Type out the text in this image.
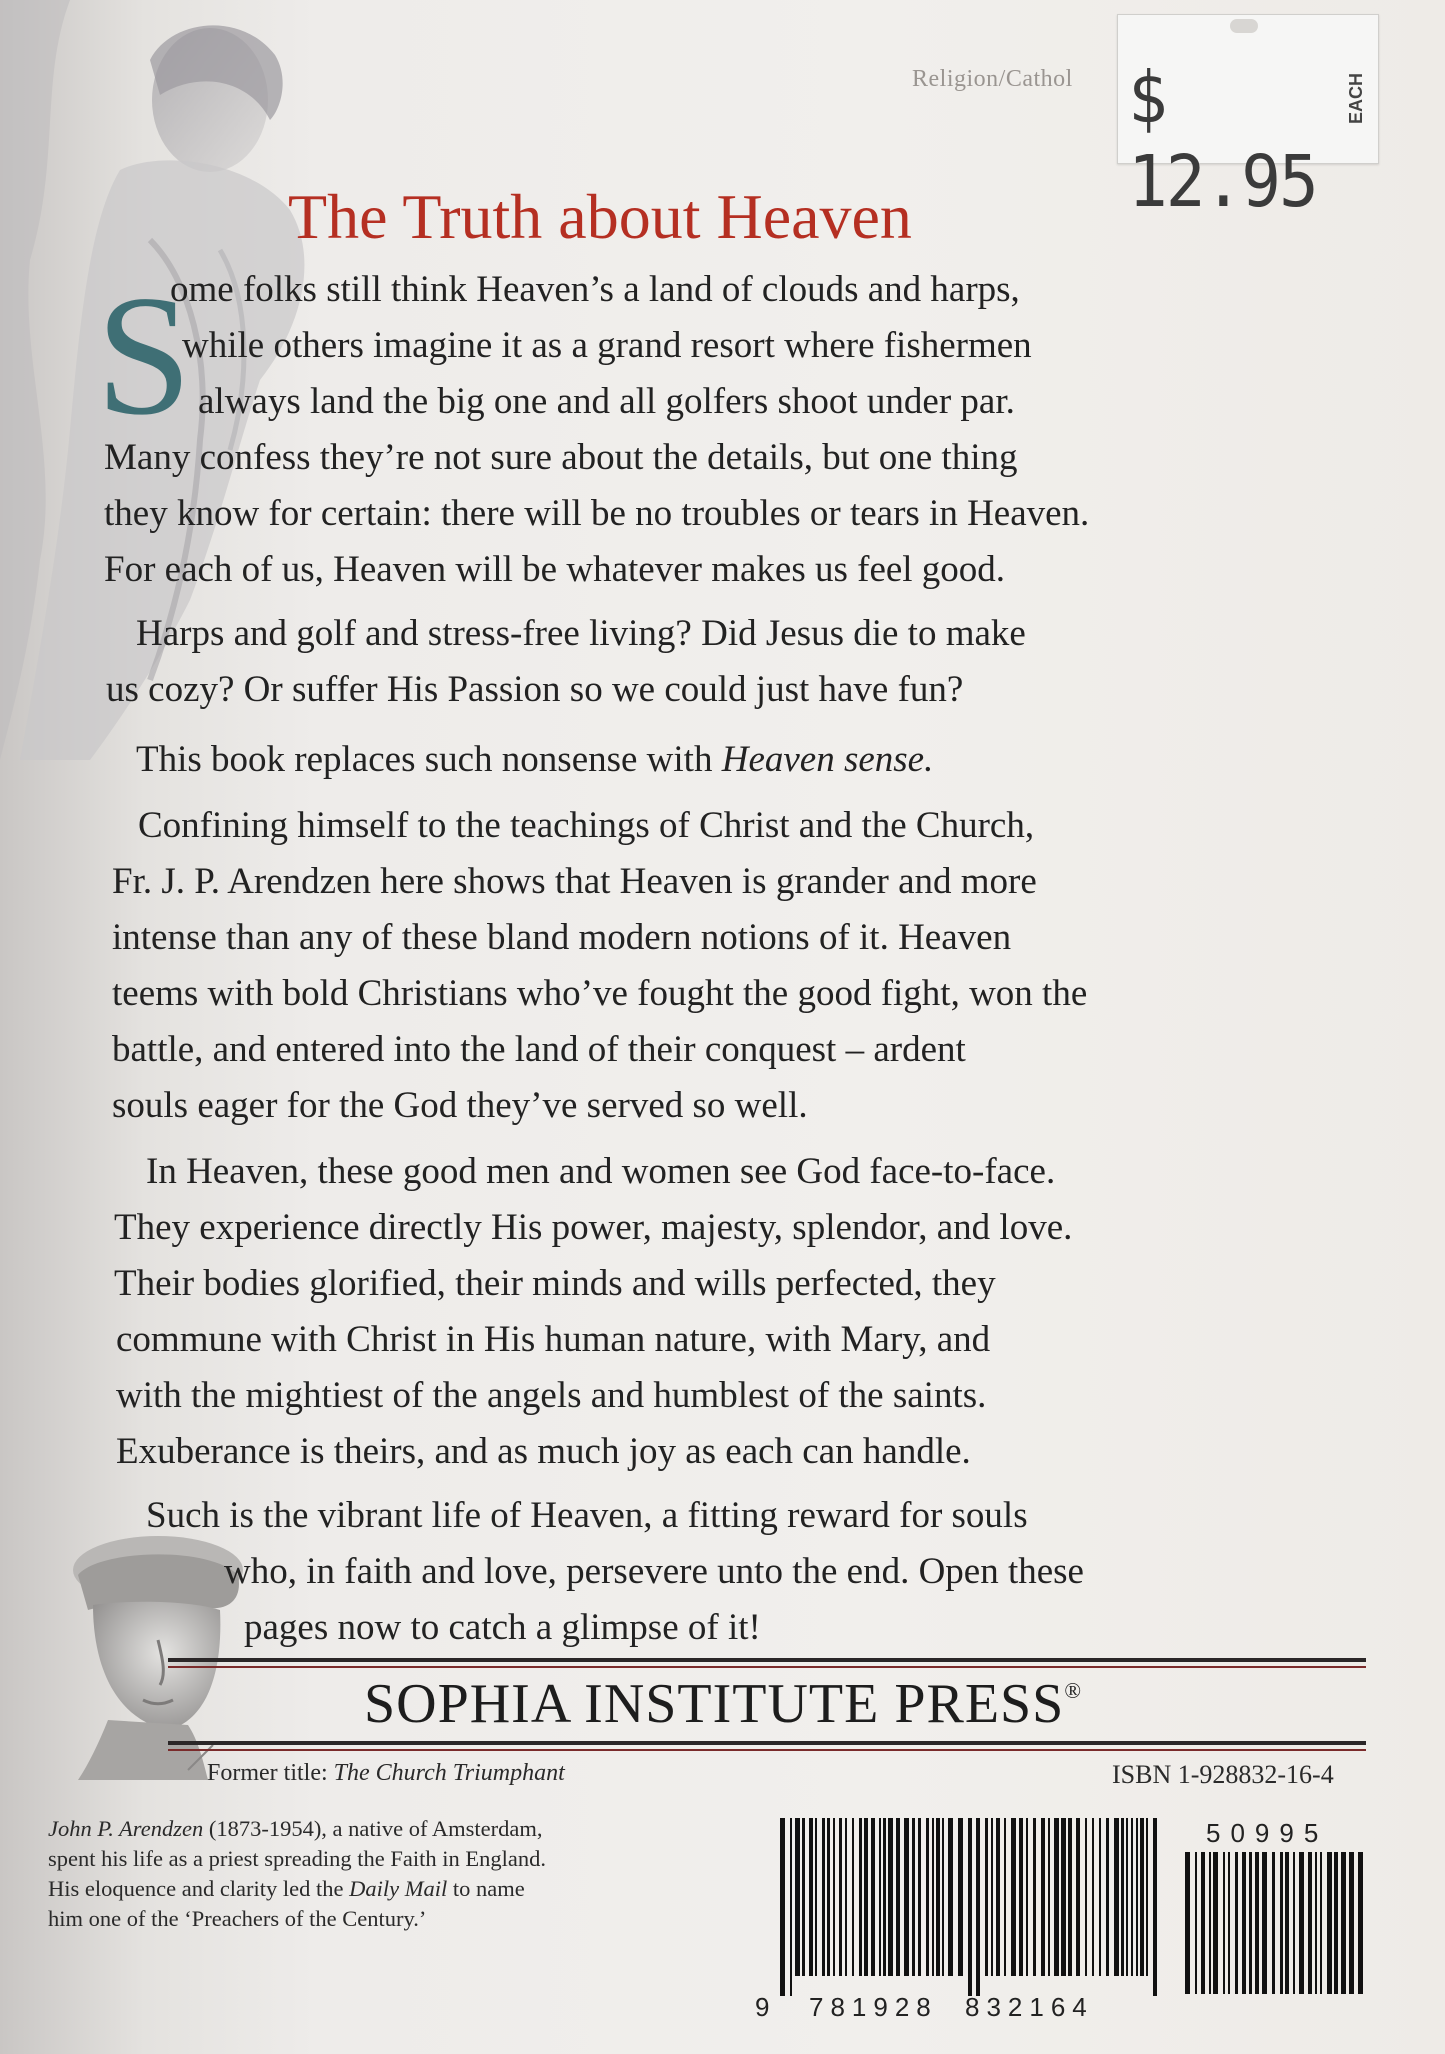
Religion/Cathol $ 12.95
EACH
The Truth about Heaven
S
ome folks still think Heaven’s a land of clouds and harps,
while others imagine it as a grand resort where fishermen
always land the big one and all golfers shoot under par.
Many confess they’re not sure about the details, but one thing
they know for certain: there will be no troubles or tears in Heaven.
For each of us, Heaven will be whatever makes us feel good.
Harps and golf and stress-free living? Did Jesus die to make
us cozy? Or suffer His Passion so we could just have fun?
This book replaces such nonsense with Heaven sense.
Confining himself to the teachings of Christ and the Church,
Fr. J. P. Arendzen here shows that Heaven is grander and more
intense than any of these bland modern notions of it. Heaven
teems with bold Christians who’ve fought the good fight, won the
battle, and entered into the land of their conquest – ardent
souls eager for the God they’ve served so well.
In Heaven, these good men and women see God face-to-face.
They experience directly His power, majesty, splendor, and love.
Their bodies glorified, their minds and wills perfected, they
commune with Christ in His human nature, with Mary, and
with the mightiest of the angels and humblest of the saints.
Exuberance is theirs, and as much joy as each can handle.
Such is the vibrant life of Heaven, a fitting reward for souls
who, in faith and love, persevere unto the end. Open these
pages now to catch a glimpse of it!
SOPHIA INSTITUTE PRESS®
Former title: The Church Triumphant	ISBN 1-928832-16-4
John P. Arendzen (1873-1954), a native of Amsterdam,
spent his life as a priest spreading the Faith in England.
His eloquence and clarity led the Daily Mail to name
him one of the ‘Preachers of the Century.’
50995
9 781928 832164
